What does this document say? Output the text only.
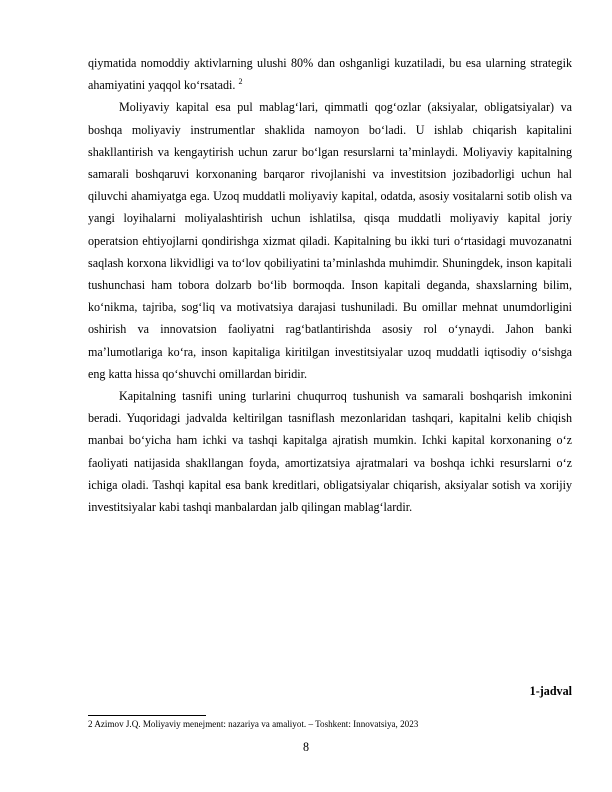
qiymatida nomoddiy aktivlarning ulushi 80% dan oshganligi kuzatiladi, bu esa ularning strategik ahamiyatini yaqqol ko‘rsatadi. $^2$

Moliyaviy kapital esa pul mablag‘lari, qimmatli qog‘ozlar (aksiyalar, obligatsiyalar) va boshqa moliyaviy instrumentlar shaklida namoyon bo‘ladi. U ishlab chiqarish kapitalini shakllantirish va kengaytirish uchun zarur bo‘lgan resurslarni ta’minlaydi. Moliyaviy kapitalning samarali boshqaruvi korxonaning barqaror rivojlanishi va investitsion jozibadorligi uchun hal qiluvchi ahamiyatga ega. Uzoq muddatli moliyaviy kapital, odatda, asosiy vositalarni sotib olish va yangi loyihalarni moliyalashtirish uchun ishlatilsa, qisqa muddatli moliyaviy kapital joriy operatsion ehtiyojlarni qondirishga xizmat qiladi. Kapitalning bu ikki turi o‘rtasidagi muvozanatni saqlash korxona likvidligi va to‘lov qobiliyatini ta’minlashda muhimdir. Shuningdek, inson kapitali tushunchasi ham tobora dolzarb bo‘lib bormoqda. Inson kapitali deganda, shaxslarning bilim, ko‘nikma, tajriba, sog‘liq va motivatsiya darajasi tushuniladi. Bu omillar mehnat unumdorligini oshirish va innovatsion faoliyatni rag‘batlantirishda asosiy rol o‘ynaydi. Jahon banki ma’lumotlariga ko‘ra, inson kapitaliga kiritilgan investitsiyalar uzoq muddatli iqtisodiy o‘sishga eng katta hissa qo‘shuvchi omillardan biridir.

Kapitalning tasnifi uning turlarini chuqurroq tushunish va samarali boshqarish imkonini beradi. Yuqoridagi jadvalda keltirilgan tasniflash mezonlaridan tashqari, kapitalni kelib chiqish manbai bo‘yicha ham ichki va tashqi kapitalga ajratish mumkin. Ichki kapital korxonaning o‘z faoliyati natijasida shakllangan foyda, amortizatsiya ajratmalari va boshqa ichki resurslarni o‘z ichiga oladi. Tashqi kapital esa bank kreditlari, obligatsiyalar chiqarish, aksiyalar sotish va xorijiy investitsiyalar kabi tashqi manbalardan jalb qilingan mablag‘lardir.

1-jadval
2 Azimov J.Q. Moliyaviy menejment: nazariya va amaliyot. – Toshkent: Innovatsiya, 2023
8
